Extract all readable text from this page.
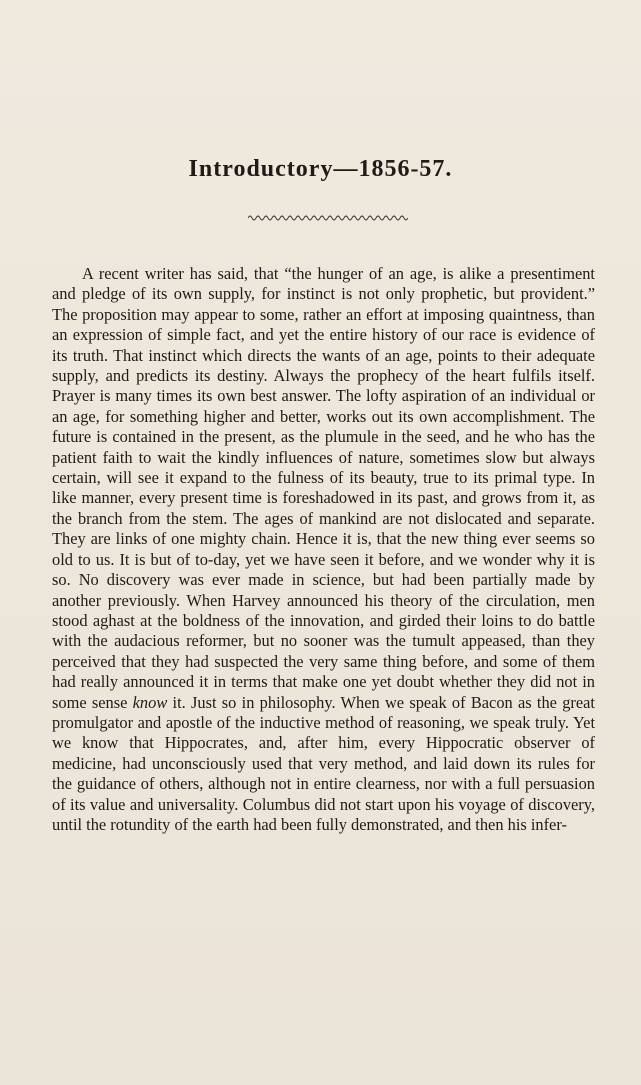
Introductory—1856-57.

A recent writer has said, that “the hunger of an age, is alike a presentiment and pledge of its own supply, for instinct is not only prophetic, but provident.” The proposition may appear to some, rather an effort at imposing quaintness, than an expression of simple fact, and yet the entire history of our race is evidence of its truth. That instinct which directs the wants of an age, points to their adequate supply, and predicts its destiny. Always the prophecy of the heart fulfils itself. Prayer is many times its own best answer. The lofty aspiration of an individual or an age, for something higher and better, works out its own accomplishment. The future is contained in the present, as the plumule in the seed, and he who has the patient faith to wait the kindly influences of nature, sometimes slow but always certain, will see it expand to the fulness of its beauty, true to its primal type. In like manner, every present time is foreshadowed in its past, and grows from it, as the branch from the stem. The ages of mankind are not dislocated and separate. They are links of one mighty chain. Hence it is, that the new thing ever seems so old to us. It is but of to-day, yet we have seen it before, and we wonder why it is so. No discovery was ever made in science, but had been partially made by another previously. When Harvey announced his theory of the circulation, men stood aghast at the boldness of the innovation, and girded their loins to do battle with the audacious reformer, but no sooner was the tumult appeased, than they perceived that they had suspected the very same thing before, and some of them had really announced it in terms that make one yet doubt whether they did not in some sense know it. Just so in philosophy. When we speak of Bacon as the great promulgator and apostle of the inductive method of reasoning, we speak truly. Yet we know that Hippocrates, and, after him, every Hippocratic observer of medicine, had unconsciously used that very method, and laid down its rules for the guidance of others, although not in entire clearness, nor with a full persuasion of its value and universality. Columbus did not start upon his voyage of discovery, until the rotundity of the earth had been fully demonstrated, and then his infer-
